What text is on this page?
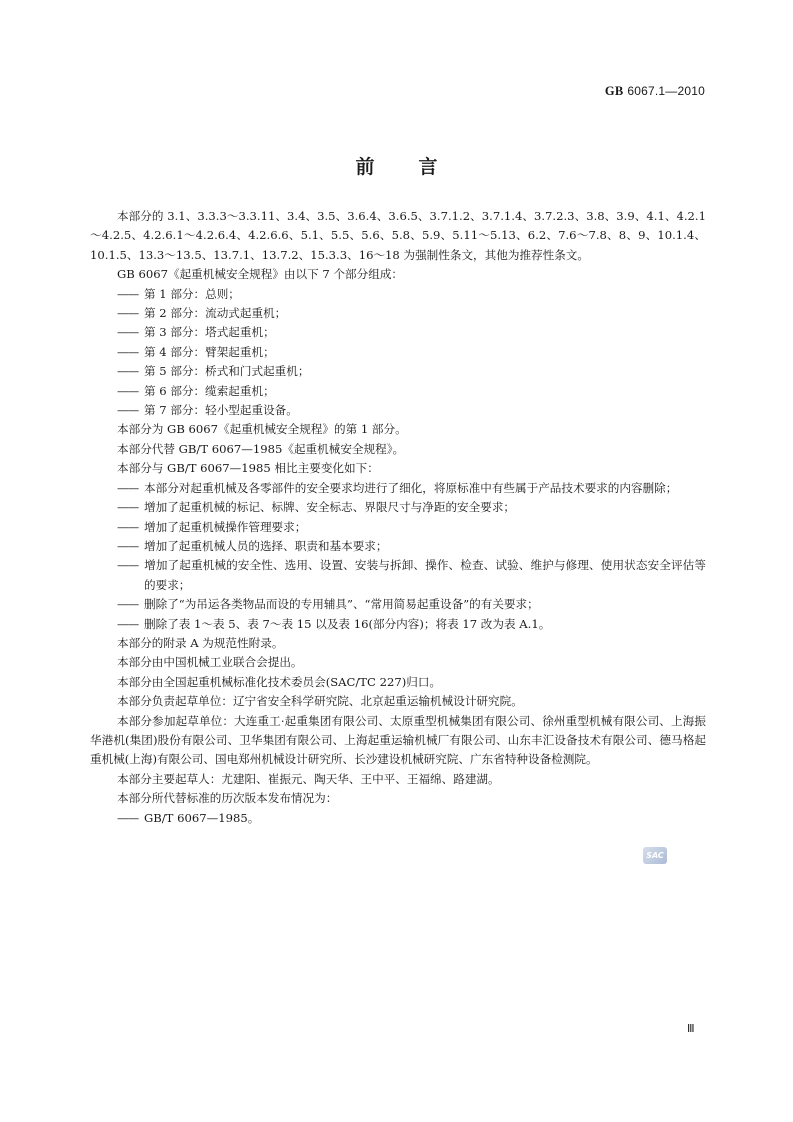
GB 6067.1—2010
前言

本部分的 3.1、3.3.3～3.3.11、3.4、3.5、3.6.4、3.6.5、3.7.1.2、3.7.1.4、3.7.2.3、3.8、3.9、4.1、4.2.1～4.2.5、4.2.6.1～4.2.6.4、4.2.6.6、5.1、5.5、5.6、5.8、5.9、5.11～5.13、6.2、7.6～7.8、8、9、10.1.4、10.1.5、13.3～13.5、13.7.1、13.7.2、15.3.3、16～18 为强制性条文，其他为推荐性条文。

GB 6067《起重机械安全规程》由以下 7 个部分组成：

—— 第 1 部分：总则；

—— 第 2 部分：流动式起重机；

—— 第 3 部分：塔式起重机；

—— 第 4 部分：臂架起重机；

—— 第 5 部分：桥式和门式起重机；

—— 第 6 部分：缆索起重机；

—— 第 7 部分：轻小型起重设备。

本部分为 GB 6067《起重机械安全规程》的第 1 部分。

本部分代替 GB/T 6067—1985《起重机械安全规程》。

本部分与 GB/T 6067—1985 相比主要变化如下：

—— 本部分对起重机械及各零部件的安全要求均进行了细化，将原标准中有些属于产品技术要求的内容删除；

—— 增加了起重机械的标记、标牌、安全标志、界限尺寸与净距的安全要求；

—— 增加了起重机械操作管理要求；

—— 增加了起重机械人员的选择、职责和基本要求；

—— 增加了起重机械的安全性、选用、设置、安装与拆卸、操作、检查、试验、维护与修理、使用状态安全评估等的要求；

—— 删除了“为吊运各类物品而设的专用辅具”、“常用简易起重设备”的有关要求；

—— 删除了表 1～表 5、表 7～表 15 以及表 16(部分内容)；将表 17 改为表 A.1。

本部分的附录 A 为规范性附录。

本部分由中国机械工业联合会提出。

本部分由全国起重机械标准化技术委员会(SAC/TC 227)归口。

本部分负责起草单位：辽宁省安全科学研究院、北京起重运输机械设计研究院。

本部分参加起草单位：大连重工·起重集团有限公司、太原重型机械集团有限公司、徐州重型机械有限公司、上海振华港机(集团)股份有限公司、卫华集团有限公司、上海起重运输机械厂有限公司、山东丰汇设备技术有限公司、德马格起重机械(上海)有限公司、国电郑州机械设计研究所、长沙建设机械研究院、广东省特种设备检测院。

本部分主要起草人：尤建阳、崔振元、陶天华、王中平、王福绵、路建湖。

本部分所代替标准的历次版本发布情况为：

—— GB/T 6067—1985。

SAC
Ⅲ
